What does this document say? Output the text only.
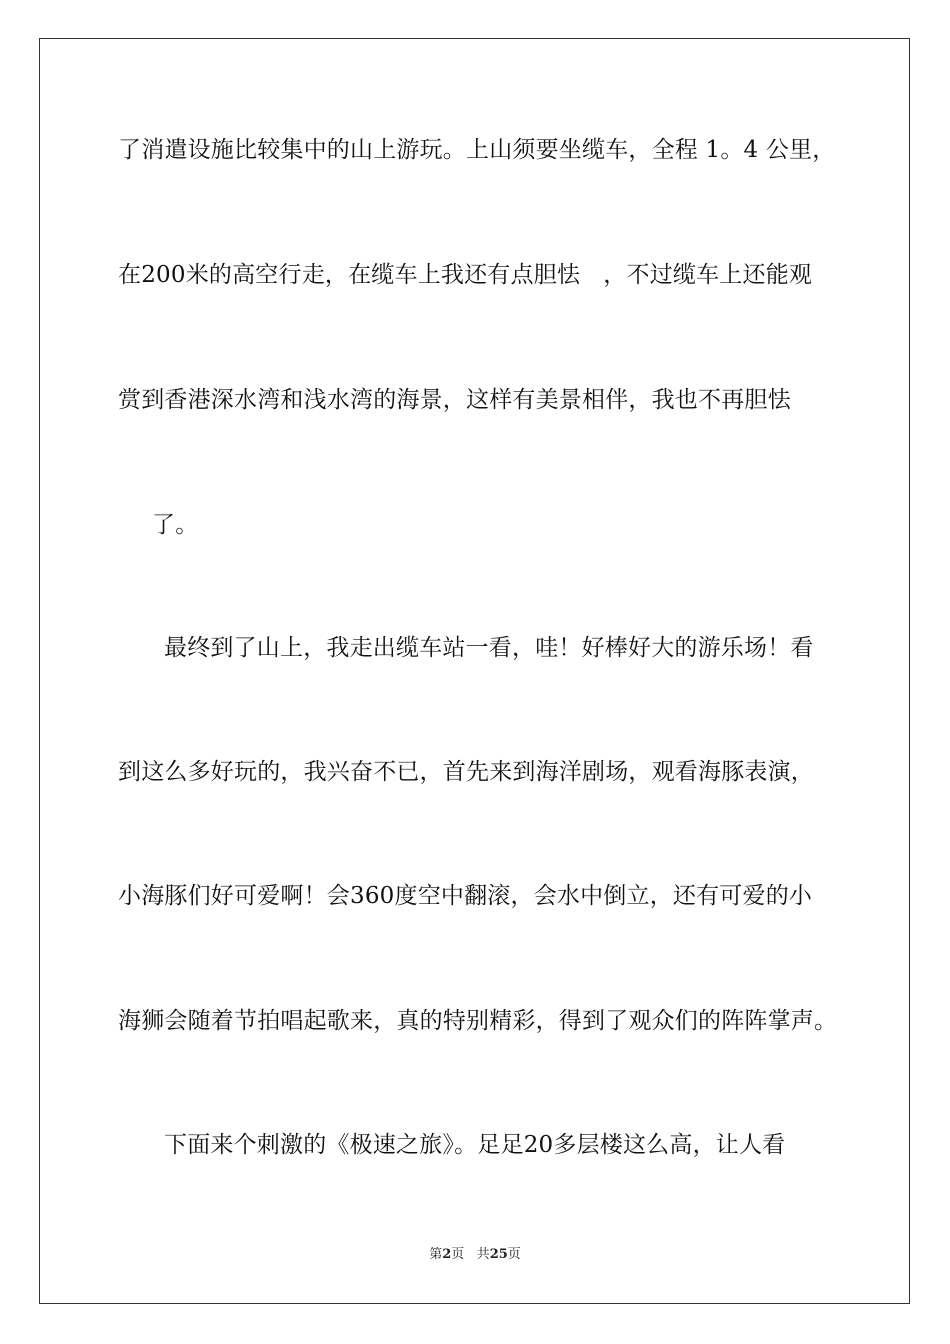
了消遣设施比较集中的山上游玩。上山须要坐缆车，全程 1。4 公里，
在200米的高空行走，在缆车上我还有点胆怯　，不过缆车上还能观
赏到香港深水湾和浅水湾的海景，这样有美景相伴，我也不再胆怯
了。
最终到了山上，我走出缆车站一看，哇！好棒好大的游乐场！看
到这么多好玩的，我兴奋不已，首先来到海洋剧场，观看海豚表演，
小海豚们好可爱啊！会360度空中翻滚，会水中倒立，还有可爱的小
海狮会随着节拍唱起歌来，真的特别精彩，得到了观众们的阵阵掌声。
下面来个刺激的《极速之旅》。足足20多层楼这么高，让人看
第2页 共25页
